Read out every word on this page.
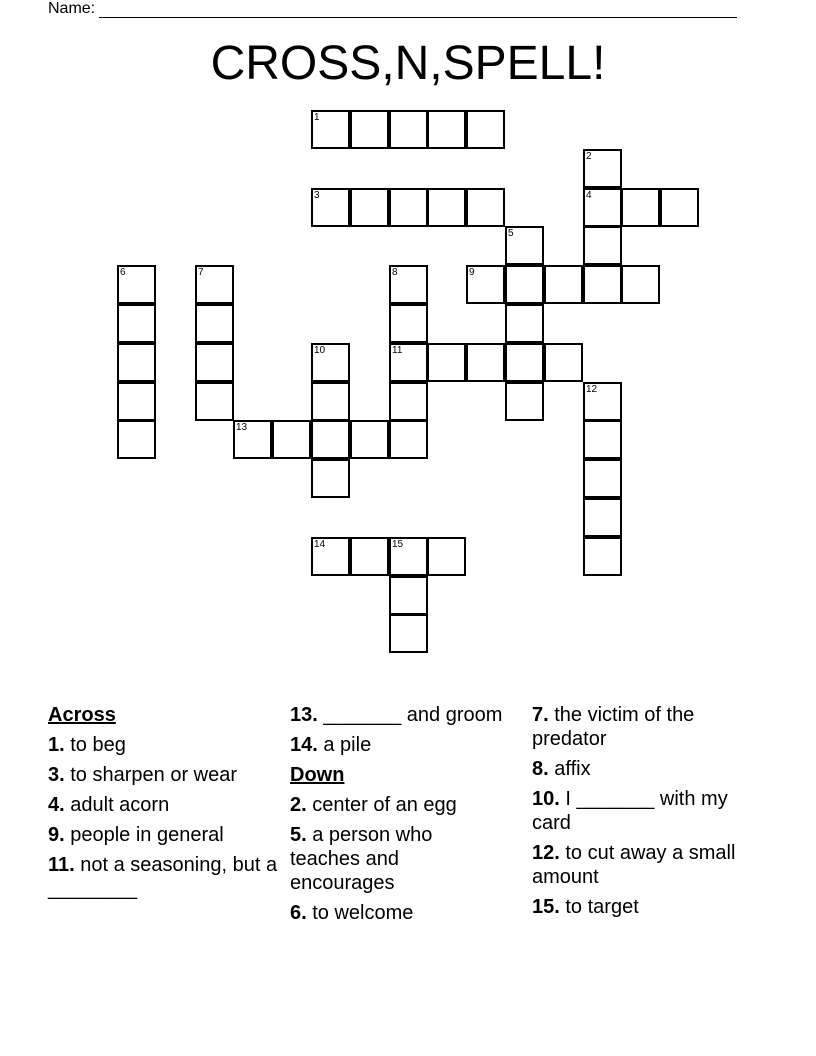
Name:
CROSS,N,SPELL!
1
2
3	4
5
6	7	8	9
10	11
12
13
14	15
Across
1. to beg
3. to sharpen or wear
4. adult acorn
9. people in general
11. not a seasoning, but a ________
13. _______ and groom
14. a pile
Down
2. center of an egg
5. a person who teaches and encourages
6. to welcome
7. the victim of the predator
8. affix
10. I _______ with my card
12. to cut away a small amount
15. to target
